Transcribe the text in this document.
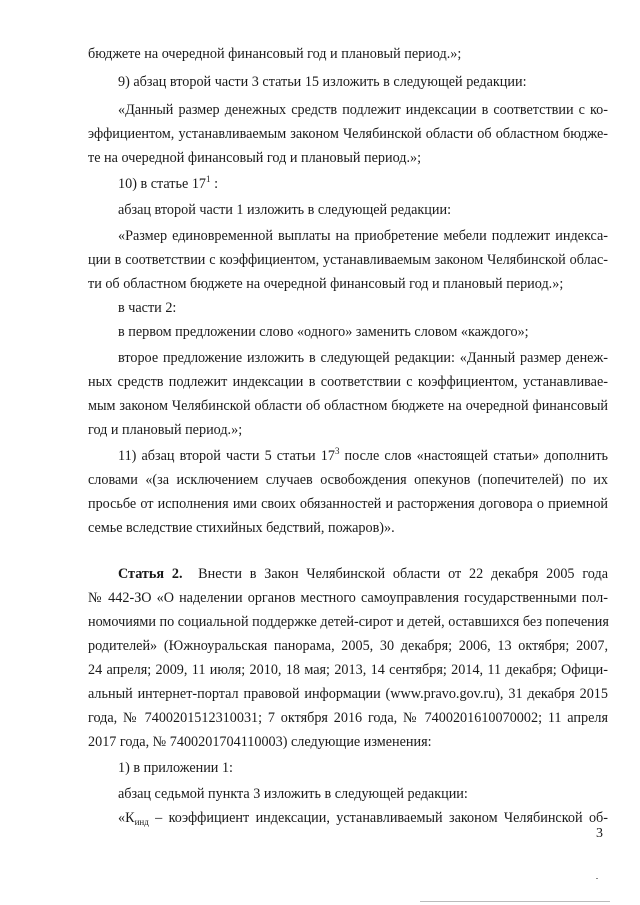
бюджете на очередной финансовый год и плановый период.»;
9) абзац второй части 3 статьи 15 изложить в следующей редакции:
«Данный размер денежных средств подлежит индексации в соответствии с ко-
эффициентом, устанавливаемым законом Челябинской области об областном бюдже-
те на очередной финансовый год и плановый период.»;
10) в статье $17^1$ :
абзац второй части 1 изложить в следующей редакции:
«Размер единовременной выплаты на приобретение мебели подлежит индекса-
ции в соответствии с коэффициентом, устанавливаемым законом Челябинской облас-
ти об областном бюджете на очередной финансовый год и плановый период.»;
в части 2:
в первом предложении слово «одного» заменить словом «каждого»;
второе предложение изложить в следующей редакции: «Данный размер денеж-
ных средств подлежит индексации в соответствии с коэффициентом, устанавливае-
мым законом Челябинской области об областном бюджете на очередной финансовый
год и плановый период.»;
11) абзац второй части 5 статьи $17^3$ после слов «настоящей статьи» дополнить
словами «(за исключением случаев освобождения опекунов (попечителей) по их
просьбе от исполнения ими своих обязанностей и расторжения договора о приемной
семье вследствие стихийных бедствий, пожаров)».
Статья 2. Внести в Закон Челябинской области от 22 декабря 2005 года
№ 442-ЗО «О наделении органов местного самоуправления государственными пол-
номочиями по социальной поддержке детей-сирот и детей, оставшихся без попечения
родителей» (Южноуральская панорама, 2005, 30 декабря; 2006, 13 октября; 2007,
24 апреля; 2009, 11 июля; 2010, 18 мая; 2013, 14 сентября; 2014, 11 декабря; Офици-
альный интернет-портал правовой информации (www.pravo.gov.ru), 31 декабря 2015
года, № 7400201512310031; 7 октября 2016 года, № 7400201610070002; 11 апреля
2017 года, № 7400201704110003) следующие изменения:
1) в приложении 1:
абзац седьмой пункта 3 изложить в следующей редакции:
«$К_{инд}$ – коэффициент индексации, устанавливаемый законом Челябинской об-
3
